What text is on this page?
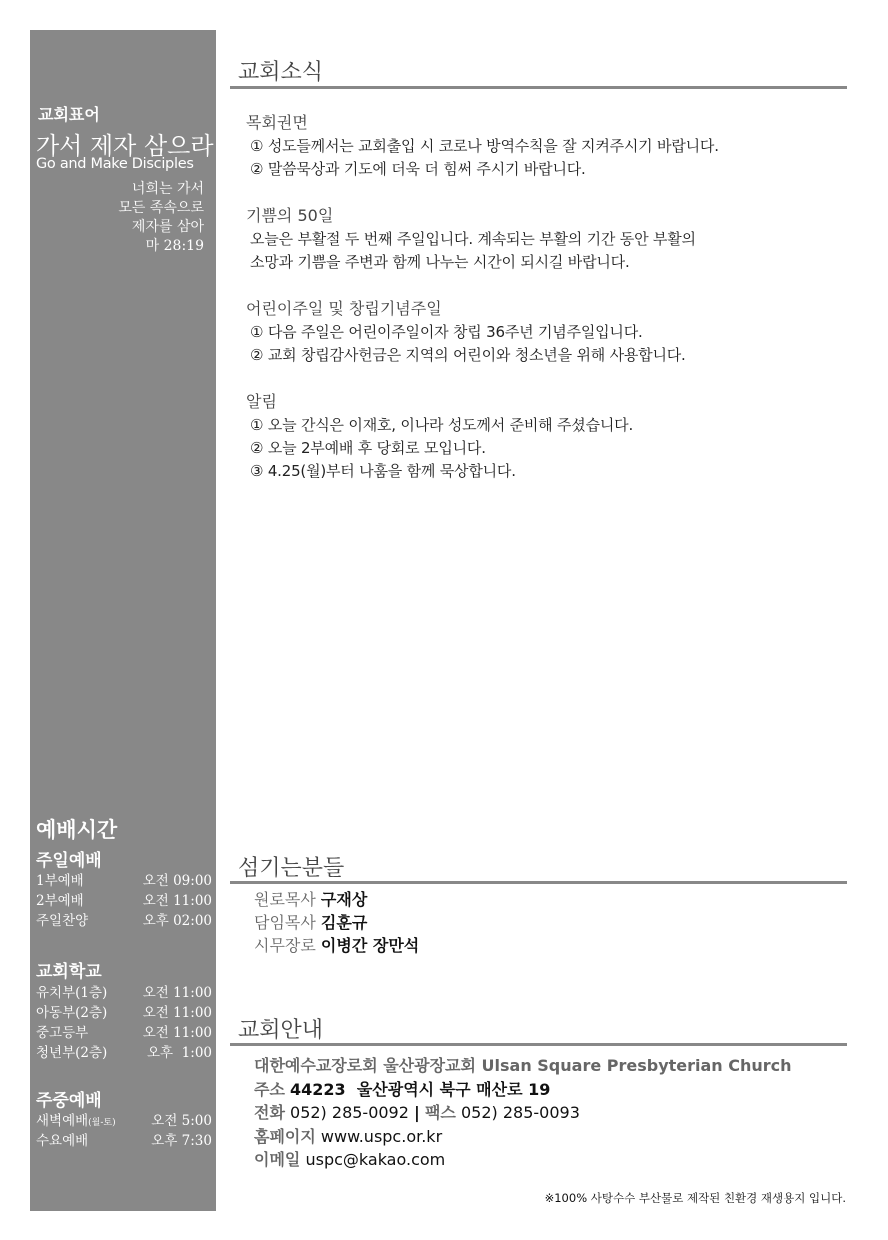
교회표어
가서 제자 삼으라
Go and Make Disciples
너희는 가서
모든 족속으로
제자를 삼아
마 28:19
예배시간
주일예배
1부예배	오전 09:00
2부예배	오전 11:00
주일찬양	오후 02:00
교회학교
유치부(1층)	오전 11:00
아동부(2층)	오전 11:00
중고등부	오전 11:00
청년부(2층)	오후  1:00
주중예배
새벽예배(월-토)	오전 5:00
수요예배	오후 7:30
교회소식
목회권면
① 성도들께서는 교회출입 시 코로나 방역수칙을 잘 지켜주시기 바랍니다.
② 말씀묵상과 기도에 더욱 더 힘써 주시기 바랍니다.
기쁨의 50일
오늘은 부활절 두 번째 주일입니다. 계속되는 부활의 기간 동안 부활의
소망과 기쁨을 주변과 함께 나누는 시간이 되시길 바랍니다.
어린이주일 및 창립기념주일
① 다음 주일은 어린이주일이자 창립 36주년 기념주일입니다.
② 교회 창립감사헌금은 지역의 어린이와 청소년을 위해 사용합니다.
알림
① 오늘 간식은 이재호, 이나라 성도께서 준비해 주셨습니다.
② 오늘 2부예배 후 당회로 모입니다.
③ 4.25(월)부터 나훔을 함께 묵상합니다.
섬기는분들
원로목사 구재상
담임목사 김훈규
시무장로 이병간 장만석
교회안내
대한예수교장로회 울산광장교회 Ulsan Square Presbyterian Church
주소 44223  울산광역시 북구 매산로 19
전화 052) 285-0092 | 팩스 052) 285-0093
홈페이지 www.uspc.or.kr
이메일 uspc@kakao.com
※100% 사탕수수 부산물로 제작된 친환경 재생용지 입니다.
